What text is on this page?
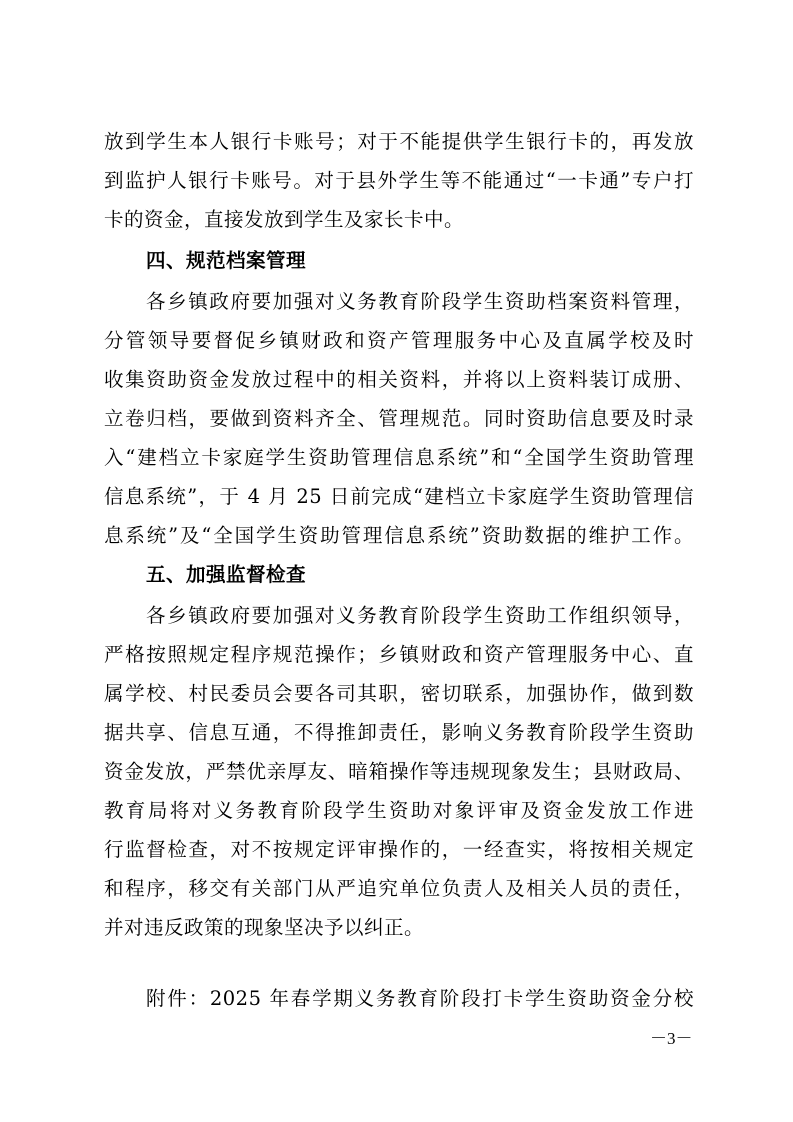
放到学生本人银行卡账号；对于不能提供学生银行卡的，再发放
到监护人银行卡账号。对于县外学生等不能通过“一卡通”专户打
卡的资金，直接发放到学生及家长卡中。
四、规范档案管理
各乡镇政府要加强对义务教育阶段学生资助档案资料管理，
分管领导要督促乡镇财政和资产管理服务中心及直属学校及时
收集资助资金发放过程中的相关资料，并将以上资料装订成册、
立卷归档，要做到资料齐全、管理规范。同时资助信息要及时录
入“建档立卡家庭学生资助管理信息系统”和“全国学生资助管理
信息系统”，于 4 月 25 日前完成“建档立卡家庭学生资助管理信
息系统”及“全国学生资助管理信息系统”资助数据的维护工作。
五、加强监督检查
各乡镇政府要加强对义务教育阶段学生资助工作组织领导，
严格按照规定程序规范操作；乡镇财政和资产管理服务中心、直
属学校、村民委员会要各司其职，密切联系，加强协作，做到数
据共享、信息互通，不得推卸责任，影响义务教育阶段学生资助
资金发放，严禁优亲厚友、暗箱操作等违规现象发生；县财政局、
教育局将对义务教育阶段学生资助对象评审及资金发放工作进
行监督检查，对不按规定评审操作的，一经查实，将按相关规定
和程序，移交有关部门从严追究单位负责人及相关人员的责任，
并对违反政策的现象坚决予以纠正。
附件：2025 年春学期义务教育阶段打卡学生资助资金分校
－3－
